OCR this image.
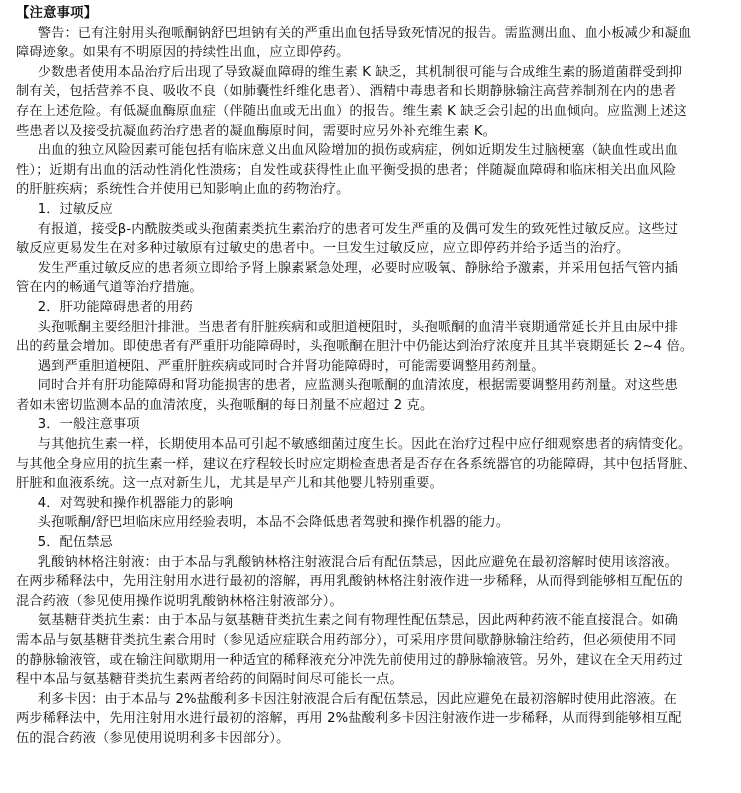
【注意事项】
警告：已有注射用头孢哌酮钠舒巴坦钠有关的严重出血包括导致死情况的报告。需监测出血、血小板减少和凝血
障碍迹象。如果有不明原因的持续性出血，应立即停药。
少数患者使用本品治疗后出现了导致凝血障碍的维生素 K 缺乏，其机制很可能与合成维生素的肠道菌群受到抑
制有关，包括营养不良、吸收不良（如肺囊性纤维化患者）、酒精中毒患者和长期静脉输注高营养制剂在内的患者
存在上述危险。有低凝血酶原血症（伴随出血或无出血）的报告。维生素 K 缺乏会引起的出血倾向。应监测上述这
些患者以及接受抗凝血药治疗患者的凝血酶原时间，需要时应另外补充维生素 K。
出血的独立风险因素可能包括有临床意义出血风险增加的损伤或病症，例如近期发生过脑梗塞（缺血性或出血
性）；近期有出血的活动性消化性溃疡；自发性或获得性止血平衡受损的患者；伴随凝血障碍和临床相关出血风险
的肝脏疾病；系统性合并使用已知影响止血的药物治疗。
1．过敏反应
有报道，接受β-内酰胺类或头孢菌素类抗生素治疗的患者可发生严重的及偶可发生的致死性过敏反应。这些过
敏反应更易发生在对多种过敏原有过敏史的患者中。一旦发生过敏反应，应立即停药并给予适当的治疗。
发生严重过敏反应的患者须立即给予肾上腺素紧急处理，必要时应吸氧、静脉给予激素，并采用包括气管内插
管在内的畅通气道等治疗措施。
2．肝功能障碍患者的用药
头孢哌酮主要经胆汁排泄。当患者有肝脏疾病和或胆道梗阻时，头孢哌酮的血清半衰期通常延长并且由尿中排
出的药量会增加。即使患者有严重肝功能障碍时，头孢哌酮在胆汁中仍能达到治疗浓度并且其半衰期延长 2~4 倍。
遇到严重胆道梗阻、严重肝脏疾病或同时合并肾功能障碍时，可能需要调整用药剂量。
同时合并有肝功能障碍和肾功能损害的患者，应监测头孢哌酮的血清浓度，根据需要调整用药剂量。对这些患
者如未密切监测本品的血清浓度，头孢哌酮的每日剂量不应超过 2 克。
3．一般注意事项
与其他抗生素一样，长期使用本品可引起不敏感细菌过度生长。因此在治疗过程中应仔细观察患者的病情变化。
与其他全身应用的抗生素一样，建议在疗程较长时应定期检查患者是否存在各系统器官的功能障碍，其中包括肾脏、
肝脏和血液系统。这一点对新生儿，尤其是早产儿和其他婴儿特别重要。
4．对驾驶和操作机器能力的影响
头孢哌酮/舒巴坦临床应用经验表明，本品不会降低患者驾驶和操作机器的能力。
5．配伍禁忌
乳酸钠林格注射液：由于本品与乳酸钠林格注射液混合后有配伍禁忌，因此应避免在最初溶解时使用该溶液。
在两步稀释法中，先用注射用水进行最初的溶解，再用乳酸钠林格注射液作进一步稀释，从而得到能够相互配伍的
混合药液（参见使用操作说明乳酸钠林格注射液部分）。
氨基糖苷类抗生素：由于本品与氨基糖苷类抗生素之间有物理性配伍禁忌，因此两种药液不能直接混合。如确
需本品与氨基糖苷类抗生素合用时（参见适应症联合用药部分），可采用序贯间歇静脉输注给药，但必须使用不同
的静脉输液管，或在输注间歇期用一种适宜的稀释液充分冲洗先前使用过的静脉输液管。另外，建议在全天用药过
程中本品与氨基糖苷类抗生素两者给药的间隔时间尽可能长一点。
利多卡因：由于本品与 2%盐酸利多卡因注射液混合后有配伍禁忌，因此应避免在最初溶解时使用此溶液。在
两步稀释法中，先用注射用水进行最初的溶解，再用 2%盐酸利多卡因注射液作进一步稀释，从而得到能够相互配
伍的混合药液（参见使用说明利多卡因部分）。
